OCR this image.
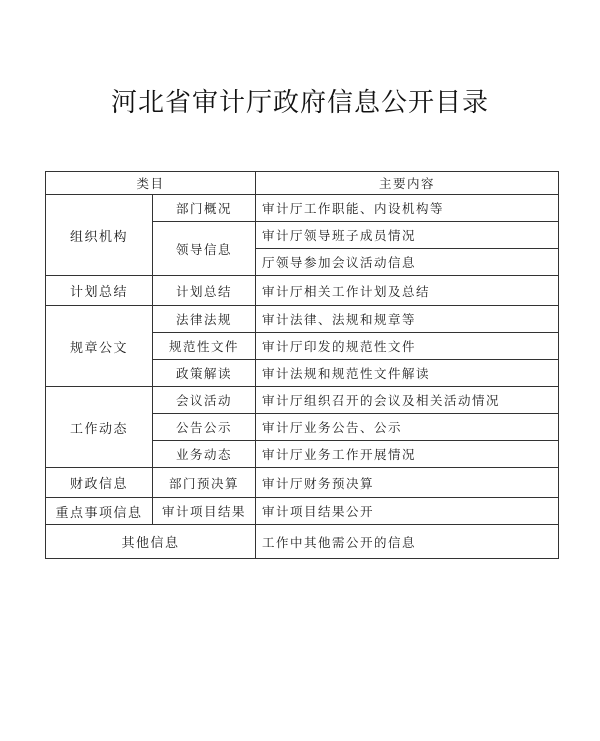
河北省审计厅政府信息公开目录
类目		主要内容
组织机构	部门概况	审计厅工作职能、内设机构等
	领导信息	审计厅领导班子成员情况
		厅领导参加会议活动信息
计划总结	计划总结	审计厅相关工作计划及总结
规章公文	法律法规	审计法律、法规和规章等
	规范性文件	审计厅印发的规范性文件
	政策解读	审计法规和规范性文件解读
工作动态	会议活动	审计厅组织召开的会议及相关活动情况
	公告公示	审计厅业务公告、公示
	业务动态	审计厅业务工作开展情况
财政信息	部门预决算	审计厅财务预决算
重点事项信息	审计项目结果	审计项目结果公开
其他信息		工作中其他需公开的信息
